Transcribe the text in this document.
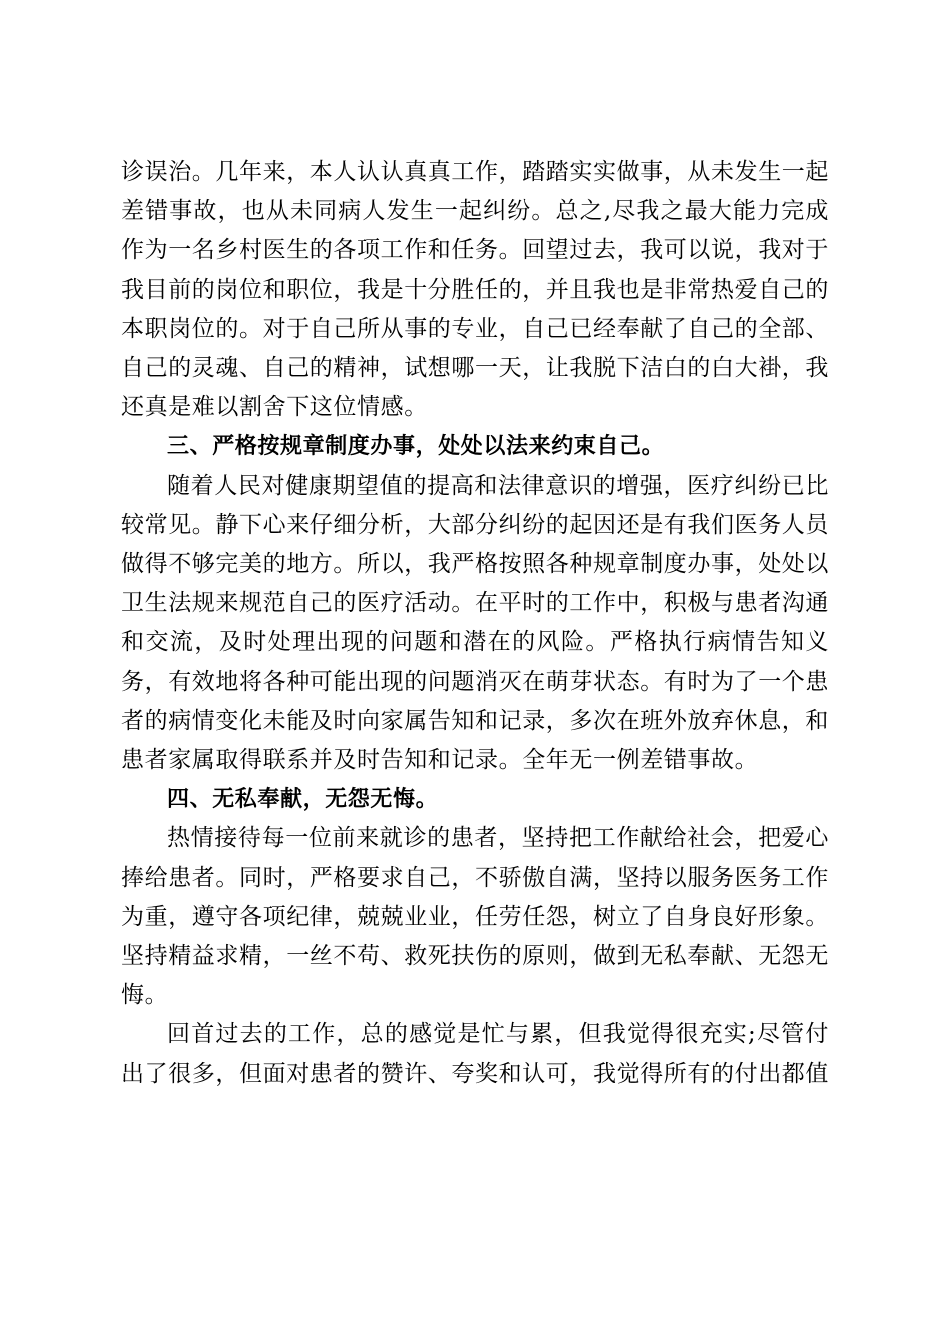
诊误治。几年来，本人认认真真工作，踏踏实实做事，从未发生一起差错事故，也从未同病人发生一起纠纷。总之,尽我之最大能力完成作为一名乡村医生的各项工作和任务。回望过去，我可以说，我对于我目前的岗位和职位，我是十分胜任的，并且我也是非常热爱自己的本职岗位的。对于自己所从事的专业，自己已经奉献了自己的全部、自己的灵魂、自己的精神，试想哪一天，让我脱下洁白的白大褂，我还真是难以割舍下这位情感。

三、严格按规章制度办事，处处以法来约束自己。

随着人民对健康期望值的提高和法律意识的增强，医疗纠纷已比较常见。静下心来仔细分析，大部分纠纷的起因还是有我们医务人员做得不够完美的地方。所以，我严格按照各种规章制度办事，处处以卫生法规来规范自己的医疗活动。在平时的工作中，积极与患者沟通和交流，及时处理出现的问题和潜在的风险。严格执行病情告知义务，有效地将各种可能出现的问题消灭在萌芽状态。有时为了一个患者的病情变化未能及时向家属告知和记录，多次在班外放弃休息，和患者家属取得联系并及时告知和记录。全年无一例差错事故。

四、无私奉献，无怨无悔。

热情接待每一位前来就诊的患者，坚持把工作献给社会，把爱心捧给患者。同时，严格要求自己，不骄傲自满，坚持以服务医务工作为重，遵守各项纪律，兢兢业业，任劳任怨，树立了自身良好形象。坚持精益求精，一丝不苟、救死扶伤的原则，做到无私奉献、无怨无悔。

回首过去的工作，总的感觉是忙与累，但我觉得很充实;尽管付出了很多，但面对患者的赞许、夸奖和认可，我觉得所有的付出都值
